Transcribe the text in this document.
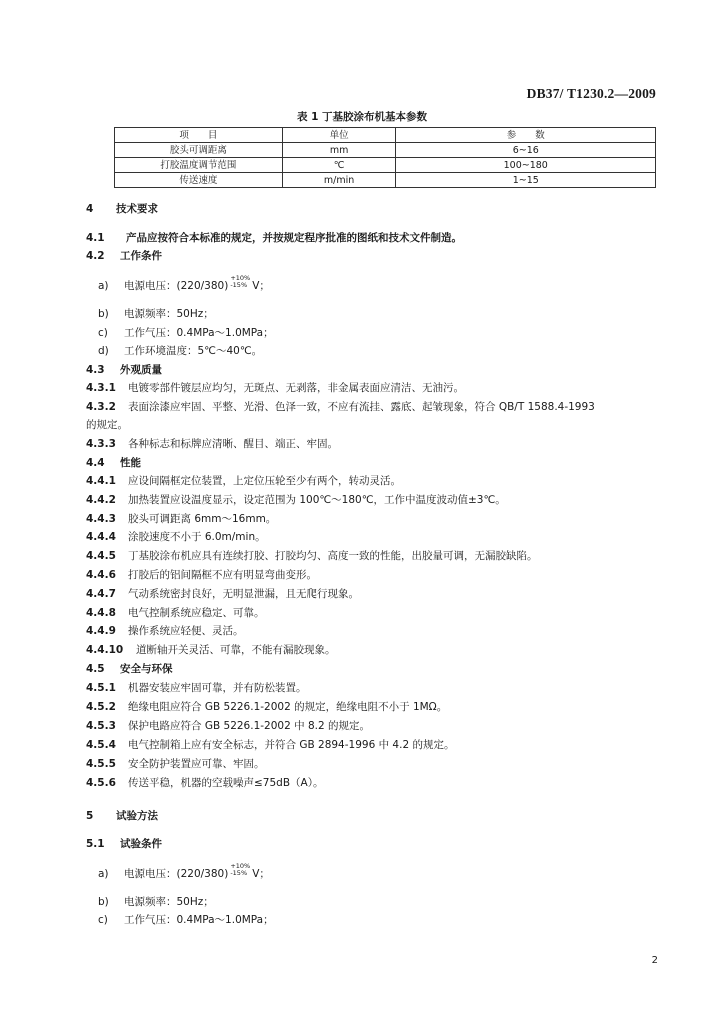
DB37/ T1230.2—2009
表 1 丁基胶涂布机基本参数
项　　目	单位	参　　数
胶头可调距离	mm	6~16
打胶温度调节范围	℃	100~180
传送速度	m/min	1~15
4 技术要求
4.1 产品应按符合本标准的规定，并按规定程序批准的图纸和技术文件制造。
4.2 工作条件
a) 电源电压：(220/380)
+10%
-15% V；
b) 电源频率：50Hz；
c) 工作气压：0.4MPa～1.0MPa；
d) 工作环境温度：5℃～40℃。
4.3 外观质量
4.3.1 电镀零部件镀层应均匀，无斑点、无剥落，非金属表面应清洁、无油污。
4.3.2 表面涂漆应牢固、平整、光滑、色泽一致，不应有流挂、露底、起皱现象，符合 QB/T 1588.4-1993
的规定。
4.3.3 各种标志和标牌应清晰、醒目、端正、牢固。
4.4 性能
4.4.1 应设间隔框定位装置，上定位压轮至少有两个，转动灵活。
4.4.2 加热装置应设温度显示，设定范围为 100℃～180℃，工作中温度波动值±3℃。
4.4.3 胶头可调距离 6mm～16mm。
4.4.4 涂胶速度不小于 6.0m/min。
4.4.5 丁基胶涂布机应具有连续打胶、打胶均匀、高度一致的性能，出胶量可调，无漏胶缺陷。
4.4.6 打胶后的铝间隔框不应有明显弯曲变形。
4.4.7 气动系统密封良好，无明显泄漏，且无爬行现象。
4.4.8 电气控制系统应稳定、可靠。
4.4.9 操作系统应轻便、灵活。
4.4.10 道断轴开关灵活、可靠，不能有漏胶现象。
4.5 安全与环保
4.5.1 机器安装应牢固可靠，并有防松装置。
4.5.2 绝缘电阻应符合 GB 5226.1-2002 的规定，绝缘电阻不小于 1MΩ。
4.5.3 保护电路应符合 GB 5226.1-2002 中 8.2 的规定。
4.5.4 电气控制箱上应有安全标志，并符合 GB 2894-1996 中 4.2 的规定。
4.5.5 安全防护装置应可靠、牢固。
4.5.6 传送平稳，机器的空载噪声≤75dB（A）。
5 试验方法
5.1 试验条件
a) 电源电压：(220/380)
+10%
-15% V；
b) 电源频率：50Hz；
c) 工作气压：0.4MPa～1.0MPa；
2
